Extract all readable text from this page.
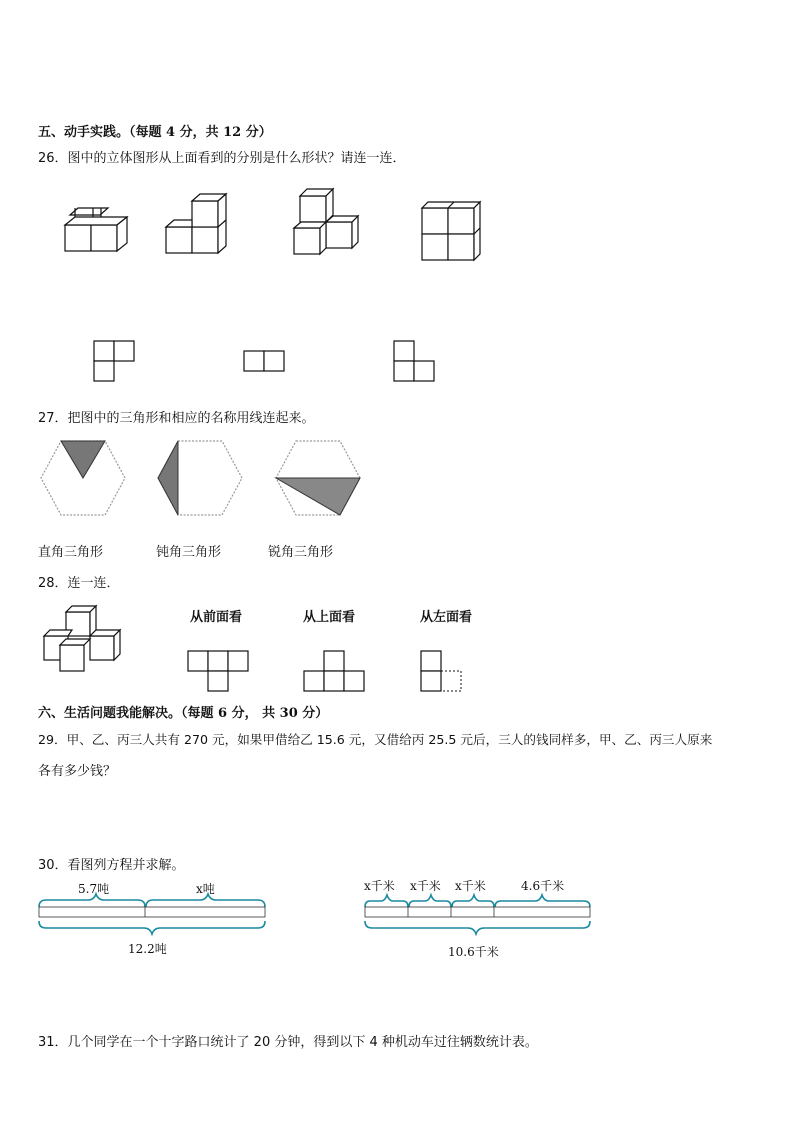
五、动手实践。（每题 4 分，共 12 分）
26．图中的立体图形从上面看到的分别是什么形状？请连一连．
27．把图中的三角形和相应的名称用线连起来。
直角三角形	钝角三角形	锐角三角形
28．连一连．
从前面看	从上面看	从左面看
六、生活问题我能解决。（每题 6 分， 共 30 分）
29．甲、乙、丙三人共有 270 元，如果甲借给乙 15.6 元，又借给丙 25.5 元后，三人的钱同样多，甲、乙、丙三人原来
各有多少钱？
30．看图列方程并求解。
5.7吨	x吨
12.2吨
x千米 x千米 x千米	4.6千米
10.6千米
31．几个同学在一个十字路口统计了 20 分钟，得到以下 4 种机动车过往辆数统计表。
